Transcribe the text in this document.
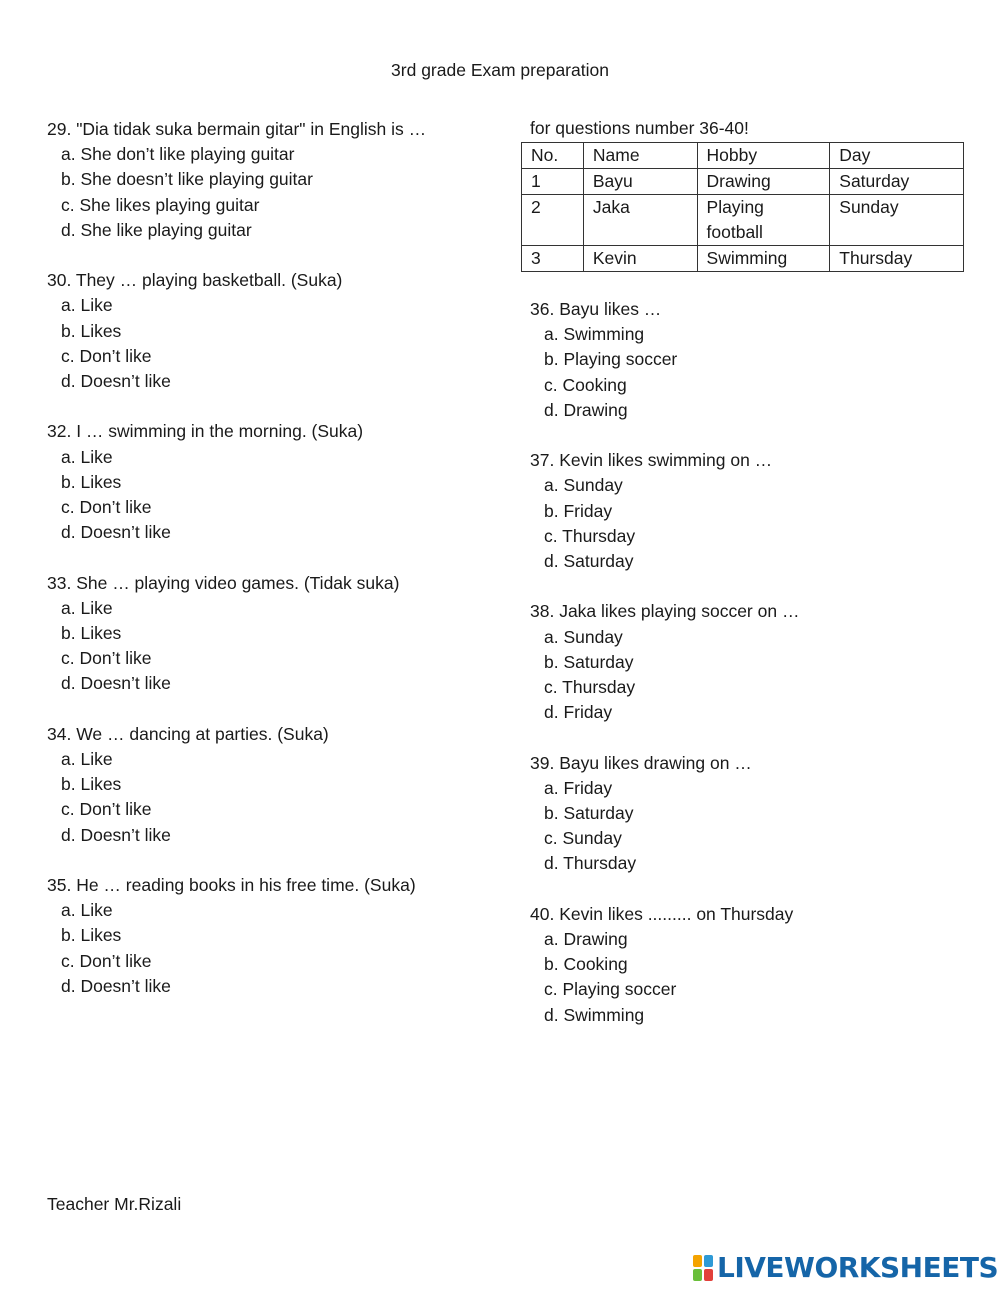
3rd grade Exam preparation
29. "Dia tidak suka bermain gitar" in English is …
a. She don’t like playing guitar
b. She doesn’t like playing guitar
c. She likes playing guitar
d. She like playing guitar
30. They … playing basketball. (Suka)
a. Like
b. Likes
c. Don’t like
d. Doesn’t like
32. I … swimming in the morning. (Suka)
a. Like
b. Likes
c. Don’t like
d. Doesn’t like
33. She … playing video games. (Tidak suka)
a. Like
b. Likes
c. Don’t like
d. Doesn’t like
34. We … dancing at parties. (Suka)
a. Like
b. Likes
c. Don’t like
d. Doesn’t like
35. He … reading books in his free time. (Suka)
a. Like
b. Likes
c. Don’t like
d. Doesn’t like
for questions number 36-40!
No.	Name	Hobby	Day
1	Bayu	Drawing	Saturday
2	Jaka	Playing football	Sunday
3	Kevin	Swimming	Thursday
36. Bayu likes …
a. Swimming
b. Playing soccer
c. Cooking
d. Drawing
37. Kevin likes swimming on …
a. Sunday
b. Friday
c. Thursday
d. Saturday
38. Jaka likes playing soccer on …
a. Sunday
b. Saturday
c. Thursday
d. Friday
39. Bayu likes drawing on …
a. Friday
b. Saturday
c. Sunday
d. Thursday
40. Kevin likes ......... on Thursday
a. Drawing
b. Cooking
c. Playing soccer
d. Swimming
Teacher Mr.Rizali
LIVEWORKSHEETS
